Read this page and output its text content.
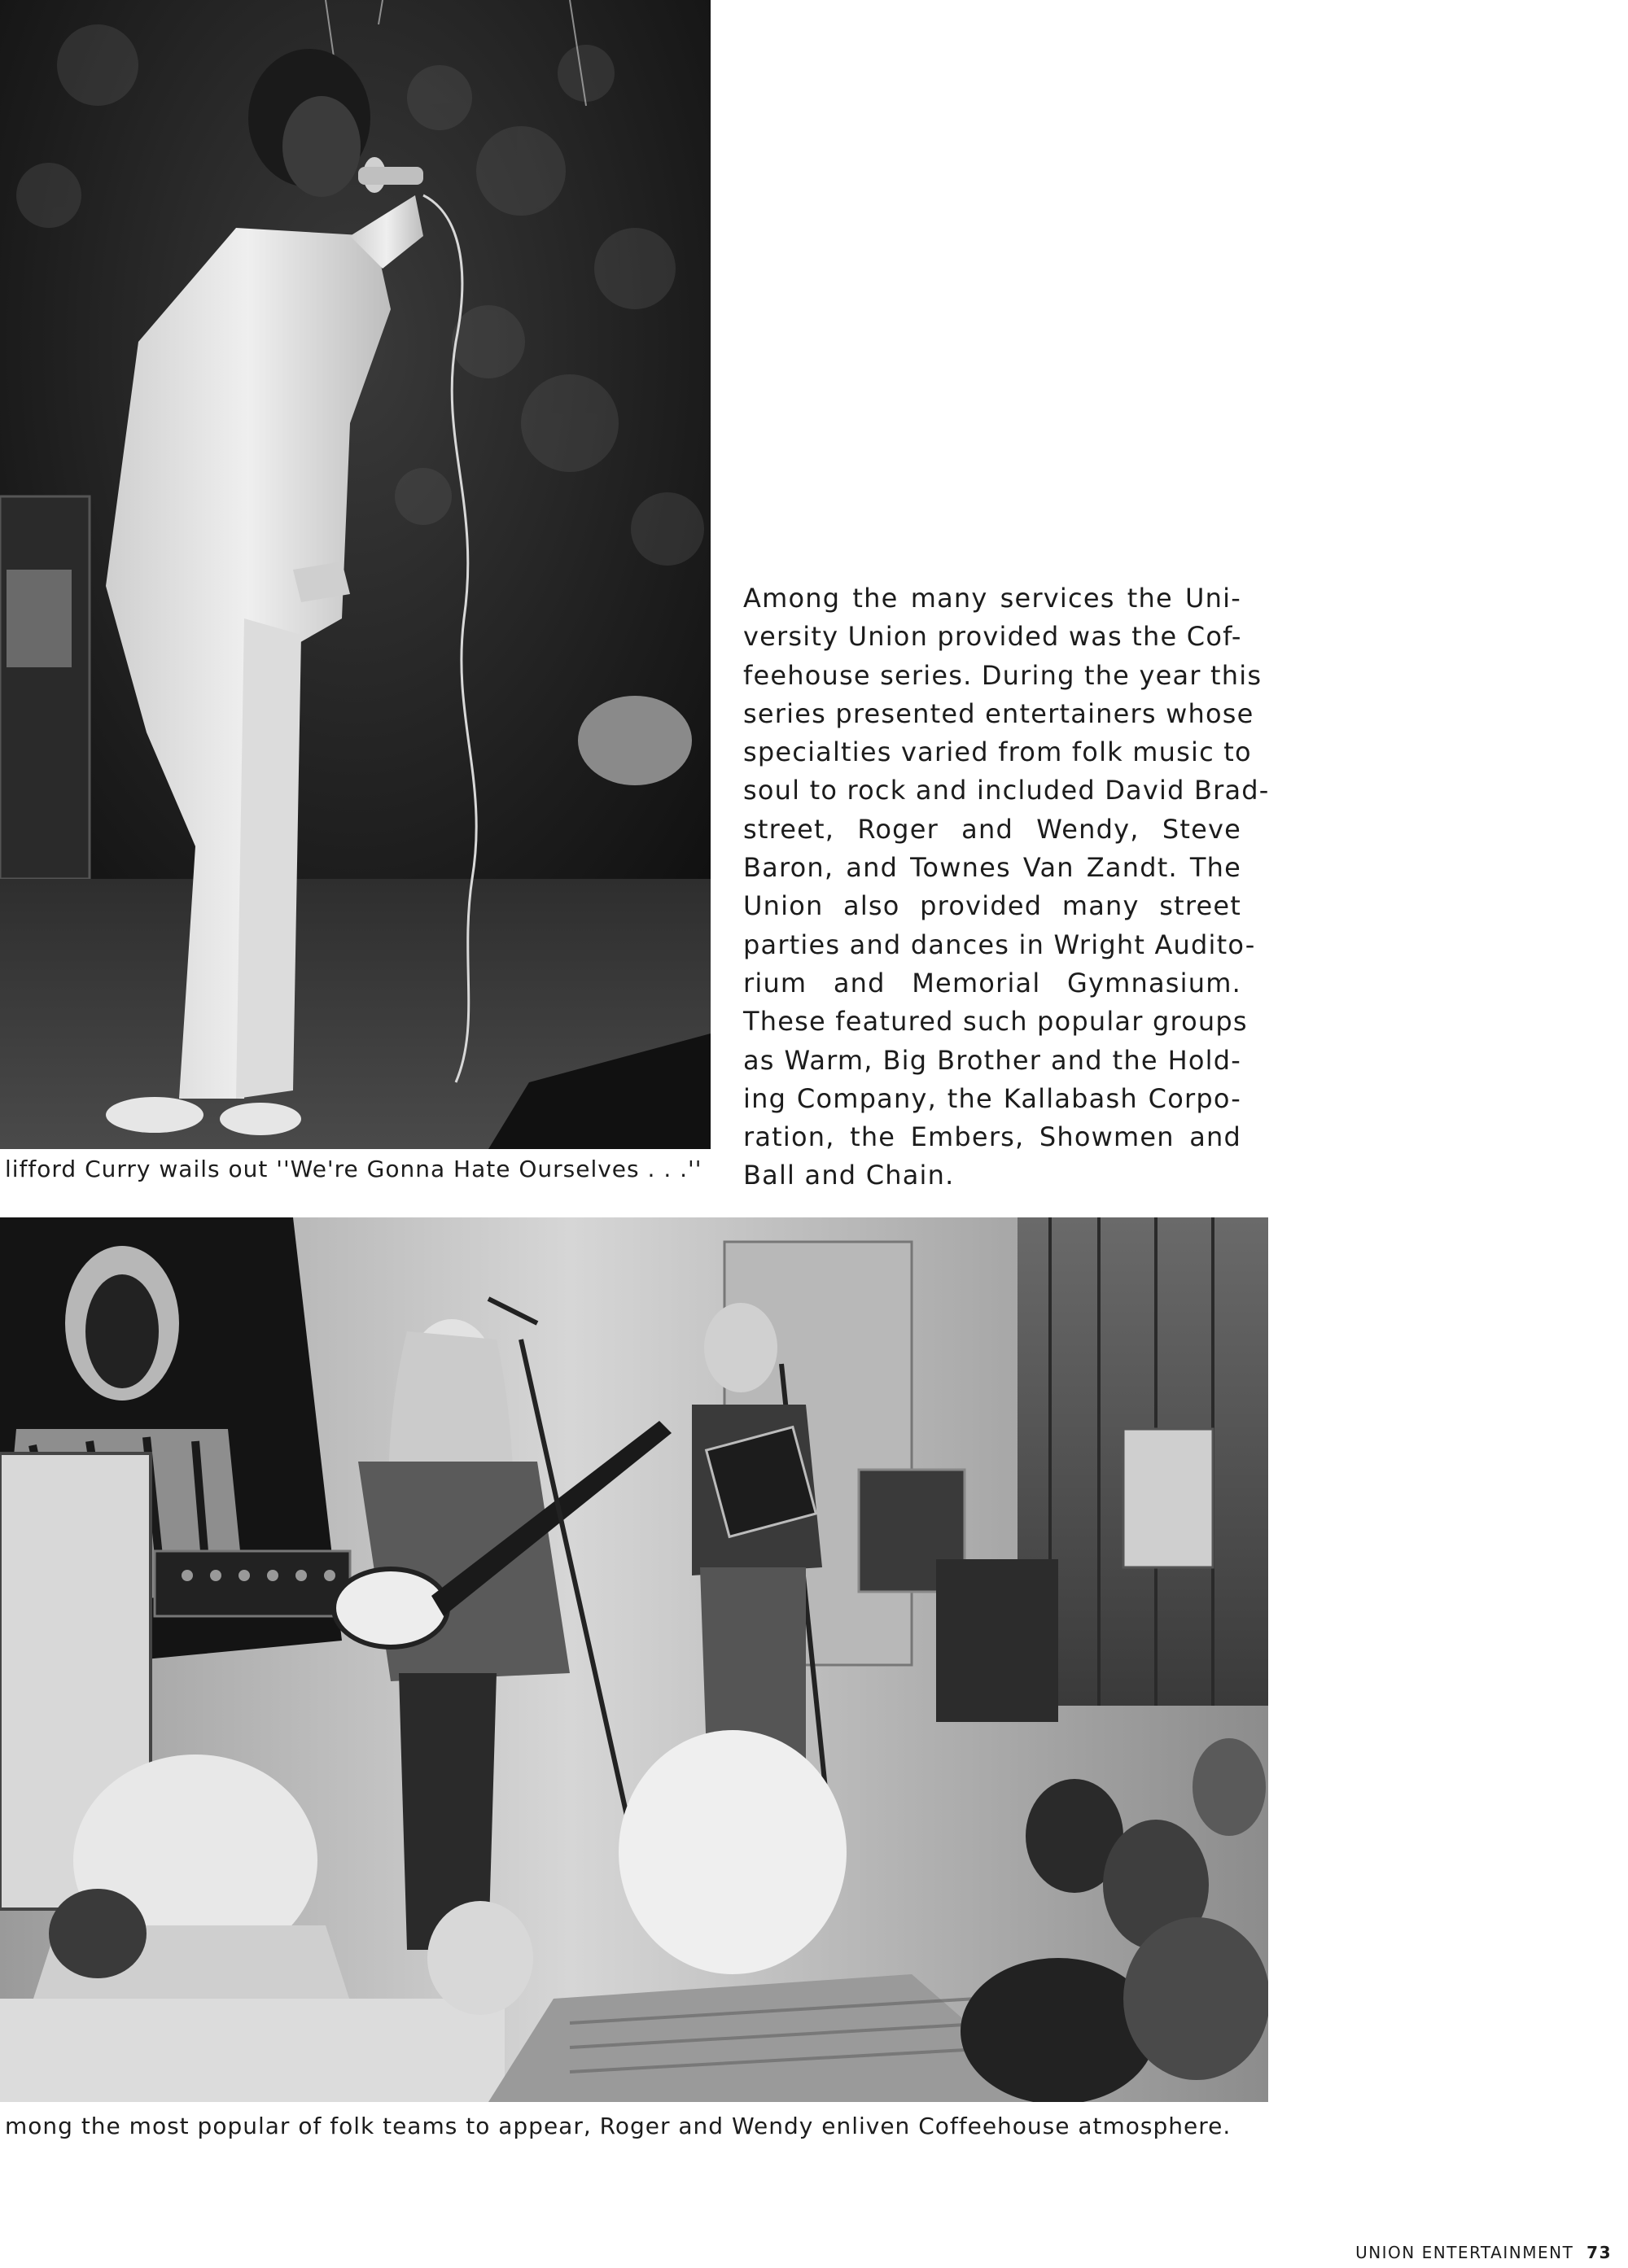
lifford Curry wails out ''We're Gonna Hate Ourselves . . .''
Among the many services the Uni-
versity Union provided was the Cof-
feehouse series. During the year this
series presented entertainers whose
specialties varied from folk music to
soul to rock and included David Brad-
street, Roger and Wendy, Steve
Baron, and Townes Van Zandt. The
Union also provided many street
parties and dances in Wright Audito-
rium and Memorial Gymnasium.
These featured such popular groups
as Warm, Big Brother and the Hold-
ing Company, the Kallabash Corpo-
ration, the Embers, Showmen and
Ball and Chain.
mong the most popular of folk teams to appear, Roger and Wendy enliven Coffeehouse atmosphere.
UNION ENTERTAINMENT 73
